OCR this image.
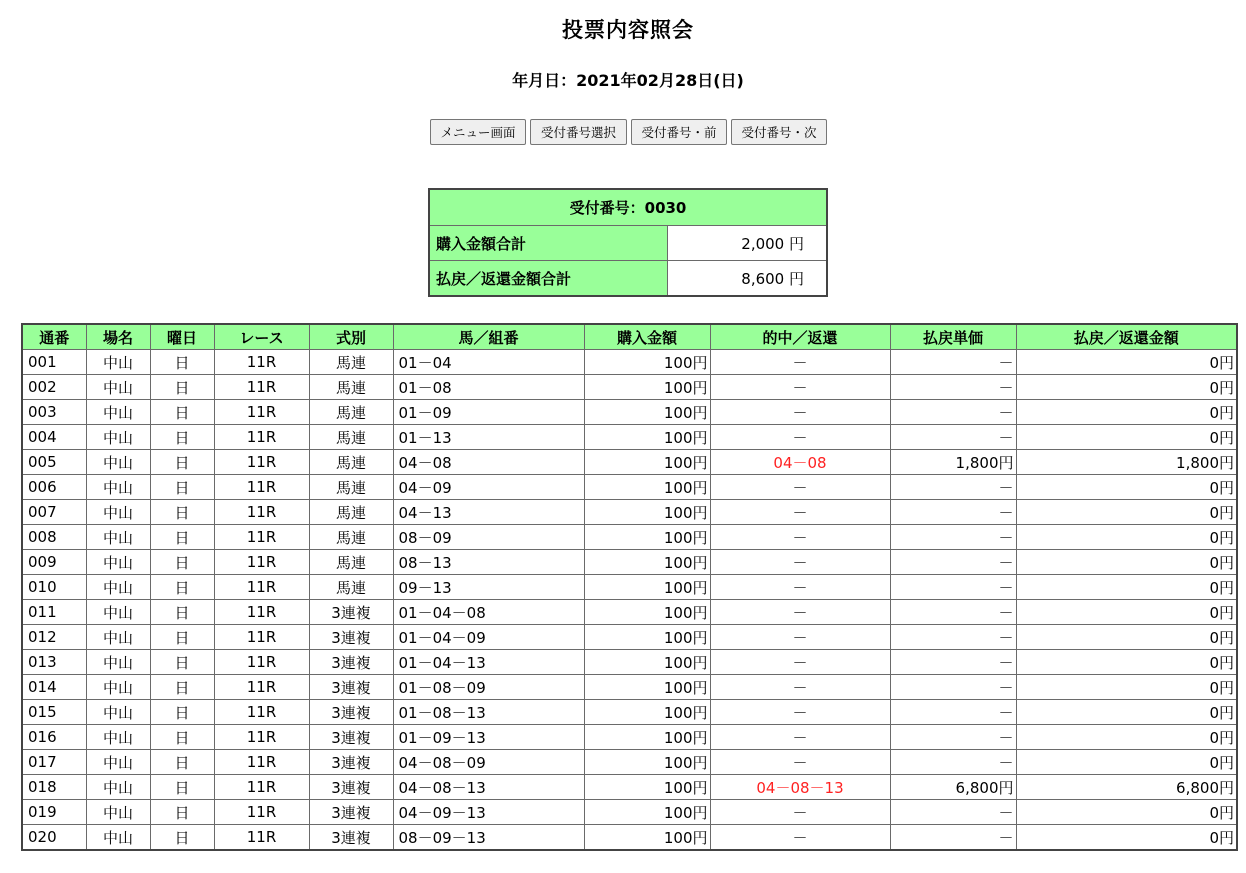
投票内容照会
年月日：2021年02月28日(日)
メニュー画面	受付番号選択	受付番号・前	受付番号・次
受付番号：0030	
購入金額合計	2,000 円
払戻／返還金額合計	8,600 円
通番	場名	曜日	レース	式別	馬／組番	購入金額	的中／返還	払戻単価	払戻／返還金額
001	中山	日	11R	馬連	01－04	100円	－	－	0円
002	中山	日	11R	馬連	01－08	100円	－	－	0円
003	中山	日	11R	馬連	01－09	100円	－	－	0円
004	中山	日	11R	馬連	01－13	100円	－	－	0円
005	中山	日	11R	馬連	04－08	100円	04－08	1,800円	1,800円
006	中山	日	11R	馬連	04－09	100円	－	－	0円
007	中山	日	11R	馬連	04－13	100円	－	－	0円
008	中山	日	11R	馬連	08－09	100円	－	－	0円
009	中山	日	11R	馬連	08－13	100円	－	－	0円
010	中山	日	11R	馬連	09－13	100円	－	－	0円
011	中山	日	11R	3連複	01－04－08	100円	－	－	0円
012	中山	日	11R	3連複	01－04－09	100円	－	－	0円
013	中山	日	11R	3連複	01－04－13	100円	－	－	0円
014	中山	日	11R	3連複	01－08－09	100円	－	－	0円
015	中山	日	11R	3連複	01－08－13	100円	－	－	0円
016	中山	日	11R	3連複	01－09－13	100円	－	－	0円
017	中山	日	11R	3連複	04－08－09	100円	－	－	0円
018	中山	日	11R	3連複	04－08－13	100円	04－08－13	6,800円	6,800円
019	中山	日	11R	3連複	04－09－13	100円	－	－	0円
020	中山	日	11R	3連複	08－09－13	100円	－	－	0円
